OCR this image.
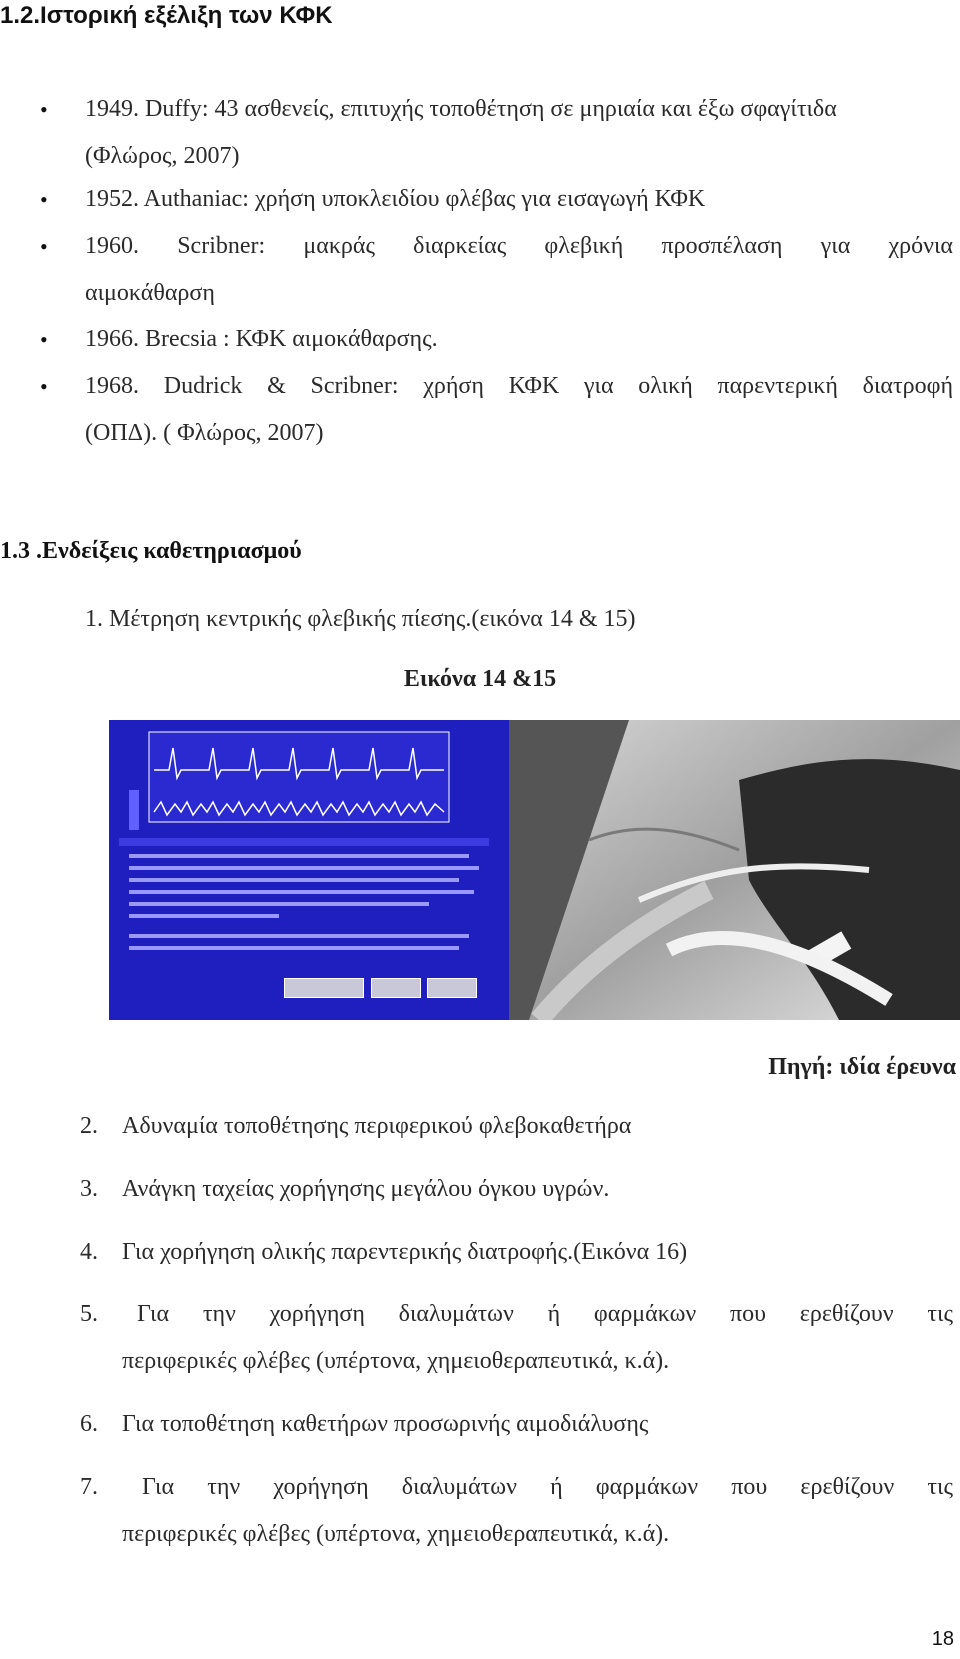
1.2.Ιστορική εξέλιξη των ΚΦΚ
• 1949. Duffy: 43 ασθενείς, επιτυχής τοποθέτηση σε μηριαία και έξω σφαγίτιδα
(Φλώρος, 2007)
• 1952. Authaniac: χρήση υποκλειδίου φλέβας για εισαγωγή ΚΦΚ
• 1960. Scribner: μακράς διαρκείας φλεβική προσπέλαση για χρόνια
αιμοκάθαρση
• 1966. Brecsia : ΚΦΚ αιμοκάθαρσης.
• 1968. Dudrick & Scribner: χρήση ΚΦΚ για ολική παρεντερική διατροφή
(ΟΠΔ). ( Φλώρος, 2007)
1.3 .Ενδείξεις καθετηριασμού
1. Μέτρηση κεντρικής φλεβικής πίεσης.(εικόνα 14 & 15)
Εικόνα 14 &15
Πηγή: ιδία έρευνα
2. Αδυναμία τοποθέτησης περιφερικού φλεβοκαθετήρα
3. Ανάγκη ταχείας χορήγησης μεγάλου όγκου υγρών.
4. Για χορήγηση ολικής παρεντερικής διατροφής.(Εικόνα 16)
5.	Για την χορήγηση διαλυμάτων ή φαρμάκων που ερεθίζουν τις
περιφερικές φλέβες (υπέρτονα, χημειοθεραπευτικά, κ.ά).
6. Για τοποθέτηση καθετήρων προσωρινής αιμοδιάλυσης
7.	Για την χορήγηση διαλυμάτων ή φαρμάκων που ερεθίζουν τις
περιφερικές φλέβες (υπέρτονα, χημειοθεραπευτικά, κ.ά).
18
